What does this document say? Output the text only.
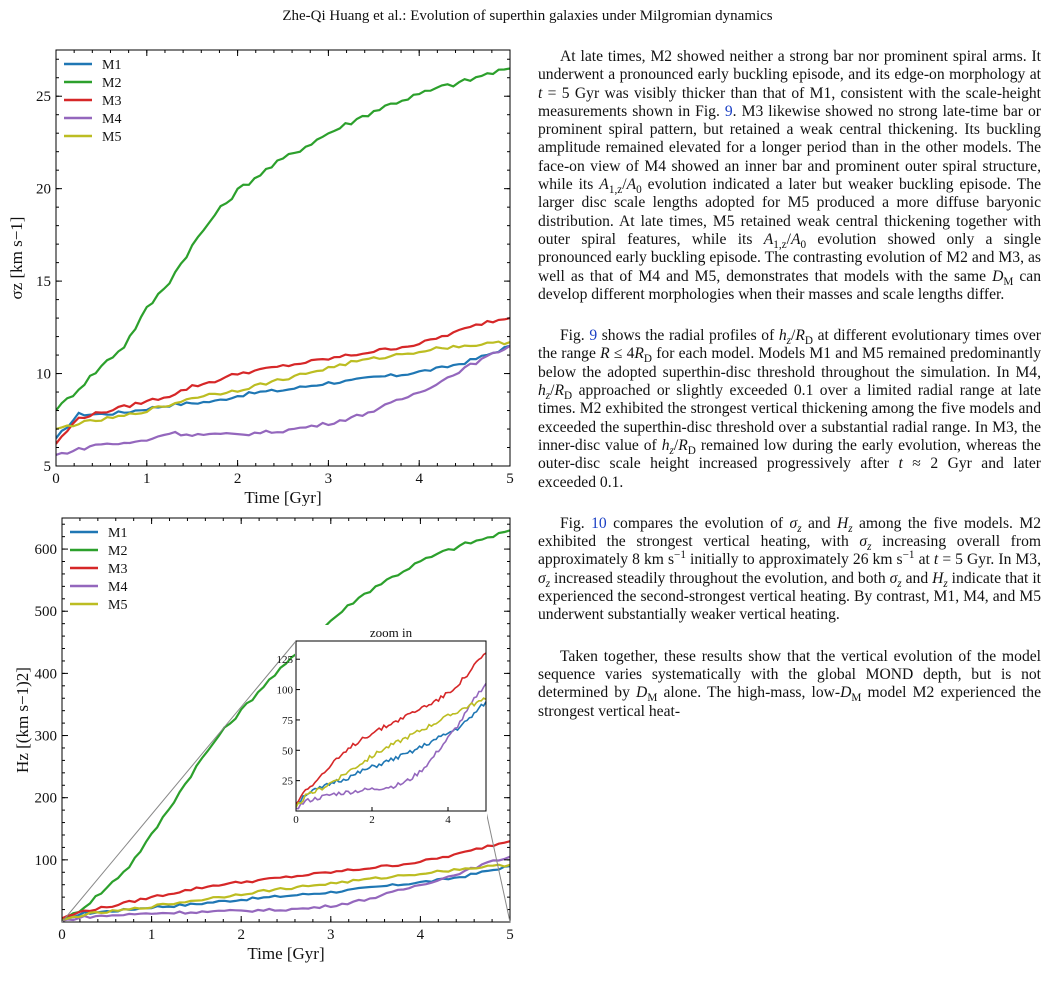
Zhe-Qi Huang et al.: Evolution of superthin galaxies under Milgromian dynamics
0	1	2	3	4	5
5
10
15
20
25
Time [Gyr]
σz [km s−1]
M1
M2
M3
M4
M5
0	1	2	3	4	5
100
200
300
400
500
600
Time [Gyr]
Hz [(km s−1)2]
M1
M2
M3
M4
M5
zoom in
0	2	4
25
50
75
100
125

At late times, M2 showed neither a strong bar nor prominent spiral arms. It underwent a pronounced early buckling episode, and its edge-on morphology at t = 5 Gyr was visibly thicker than that of M1, consistent with the scale-height measurements shown in Fig. 9. M3 likewise showed no strong late-time bar or prominent spiral pattern, but retained a weak central thickening. Its buckling amplitude remained elevated for a longer period than in the other models. The face-on view of M4 showed an inner bar and prominent outer spiral structure, while its $A_{1,z}/A_0$ evolution indicated a later but weaker buckling episode. The larger disc scale lengths adopted for M5 produced a more diffuse baryonic distribution. At late times, M5 retained weak central thickening together with outer spiral features, while its $A_{1,z}/A_0$ evolution showed only a single pronounced early buckling episode. The contrasting evolution of M2 and M3, as well as that of M4 and M5, demonstrates that models with the same $D_M$ can develop different morphologies when their masses and scale lengths differ.

Fig. 9 shows the radial profiles of $h_z/R_D$ at different evolutionary times over the range $R \le 4R_D$ for each model. Models M1 and M5 remained predominantly below the adopted superthin-disc threshold throughout the simulation. In M4, $h_z/R_D$ approached or slightly exceeded 0.1 over a limited radial range at late times. M2 exhibited the strongest vertical thickening among the five models and exceeded the superthin-disc threshold over a substantial radial range. In M3, the inner-disc value of $h_z/R_D$ remained low during the early evolution, whereas the outer-disc scale height increased progressively after t ≈ 2 Gyr and later exceeded 0.1.

Fig. 10 compares the evolution of $\sigma_z$ and $H_z$ among the five models. M2 exhibited the strongest vertical heating, with $\sigma_z$ increasing overall from approximately 8 km $s^{-1}$ initially to approximately 26 km $s^{-1}$ at t = 5 Gyr. In M3, $\sigma_z$ increased steadily throughout the evolution, and both $\sigma_z$ and $H_z$ indicate that it experienced the second-strongest vertical heating. By contrast, M1, M4, and M5 underwent substantially weaker vertical heating.

Taken together, these results show that the vertical evolution of the model sequence varies systematically with the global MOND depth, but is not determined by $D_M$ alone. The high-mass, low-$D_M$ model M2 experienced the strongest vertical heat-
